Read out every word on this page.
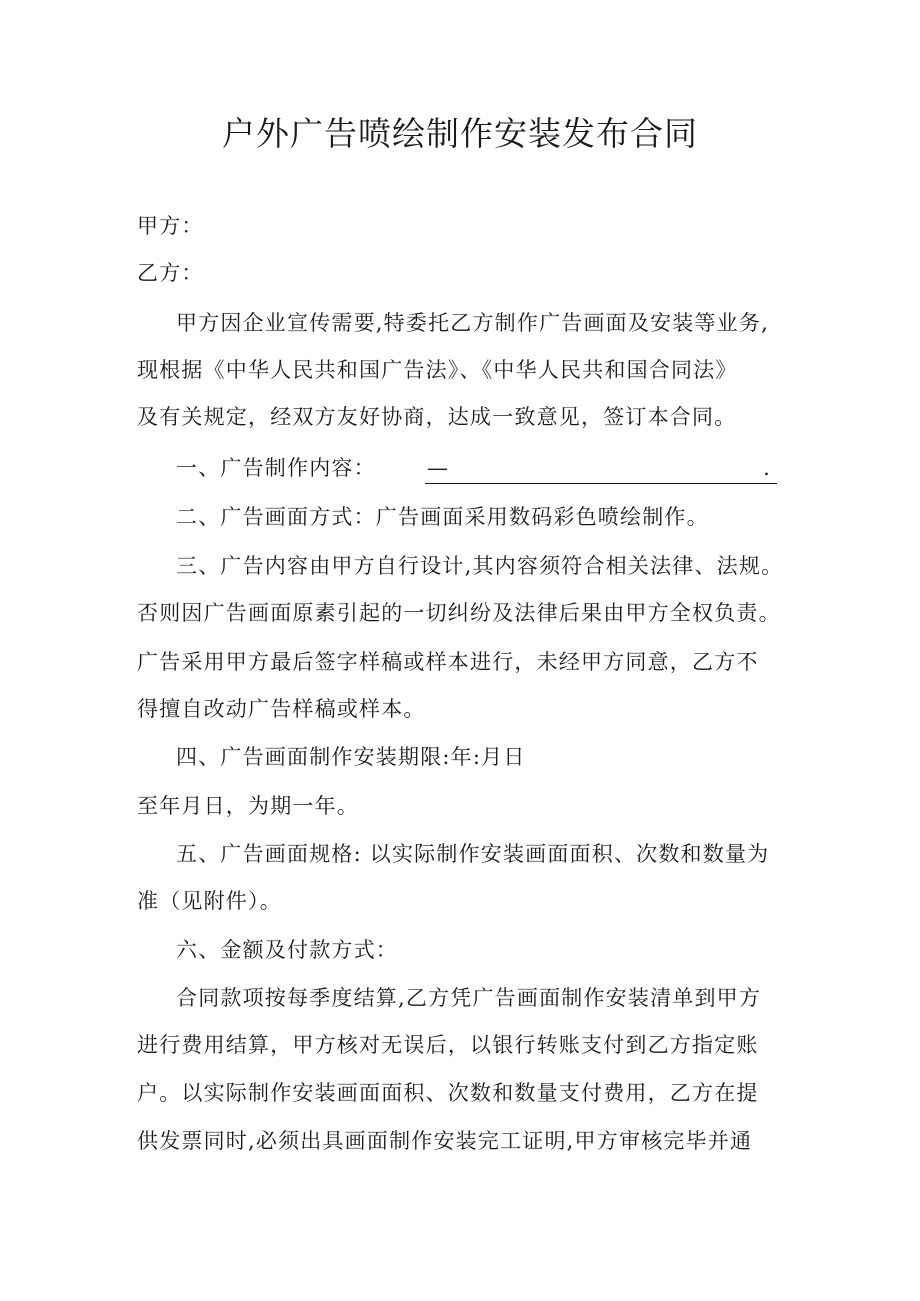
户外广告喷绘制作安装发布合同

甲方：

乙方：

甲方因企业宣传需要,特委托乙方制作广告画面及安装等业务,

现根据《中华人民共和国广告法》、《中华人民共和国合同法》

及有关规定，经双方友好协商，达成一致意见，签订本合同。

一、广告制作内容： —	.

二、广告画面方式：广告画面采用数码彩色喷绘制作。

三、广告内容由甲方自行设计,其内容须符合相关法律、法规。

否则因广告画面原素引起的一切纠纷及法律后果由甲方全权负责。

广告采用甲方最后签字样稿或样本进行，未经甲方同意，乙方不

得擅自改动广告样稿或样本。

四、广告画面制作安装期限:年:月日

至年月日，为期一年。

五、广告画面规格: 以实际制作安装画面面积、次数和数量为

准（见附件）。

六、金额及付款方式：

合同款项按每季度结算,乙方凭广告画面制作安装清单到甲方

进行费用结算，甲方核对无误后，以银行转账支付到乙方指定账

户。以实际制作安装画面面积、次数和数量支付费用，乙方在提

供发票同时,必须出具画面制作安装完工证明,甲方审核完毕并通
